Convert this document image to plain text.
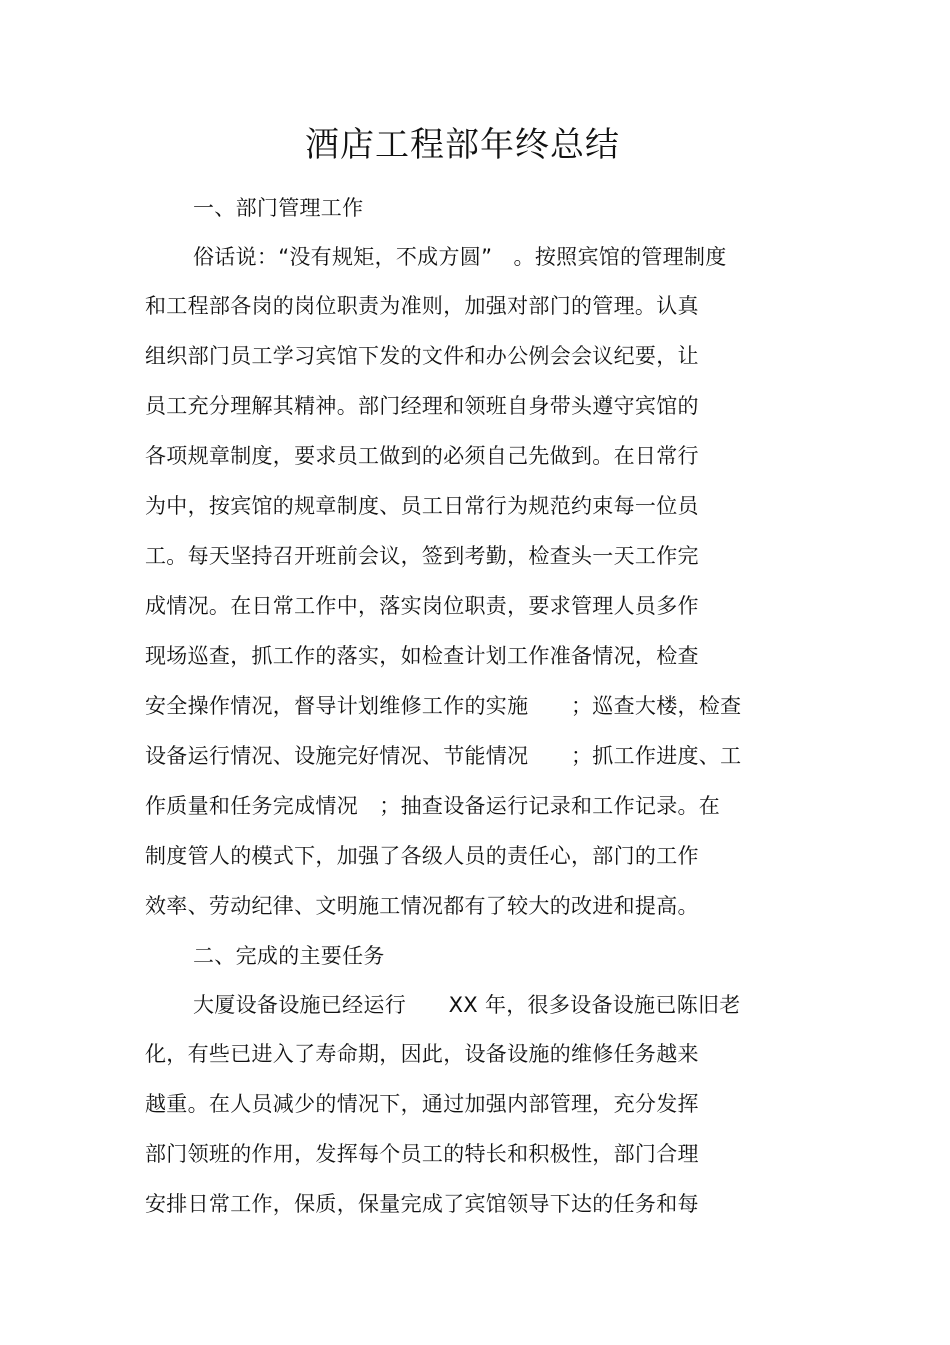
酒店工程部年终总结
一、部门管理工作
俗话说：“没有规矩，不成方圆”　。按照宾馆的管理制度
和工程部各岗的岗位职责为准则，加强对部门的管理。认真
组织部门员工学习宾馆下发的文件和办公例会会议纪要，让
员工充分理解其精神。部门经理和领班自身带头遵守宾馆的
各项规章制度，要求员工做到的必须自己先做到。在日常行
为中，按宾馆的规章制度、员工日常行为规范约束每一位员
工。每天坚持召开班前会议，签到考勤，检查头一天工作完
成情况。在日常工作中，落实岗位职责，要求管理人员多作
现场巡查，抓工作的落实，如检查计划工作准备情况，检查
安全操作情况，督导计划维修工作的实施　　；巡查大楼，检查
设备运行情况、设施完好情况、节能情况　　；抓工作进度、工
作质量和任务完成情况　；抽查设备运行记录和工作记录。在
制度管人的模式下，加强了各级人员的责任心，部门的工作
效率、劳动纪律、文明施工情况都有了较大的改进和提高。
二、完成的主要任务
大厦设备设施已经运行　　XX 年，很多设备设施已陈旧老
化，有些已进入了寿命期，因此，设备设施的维修任务越来
越重。在人员减少的情况下，通过加强内部管理，充分发挥
部门领班的作用，发挥每个员工的特长和积极性，部门合理
安排日常工作，保质，保量完成了宾馆领导下达的任务和每
